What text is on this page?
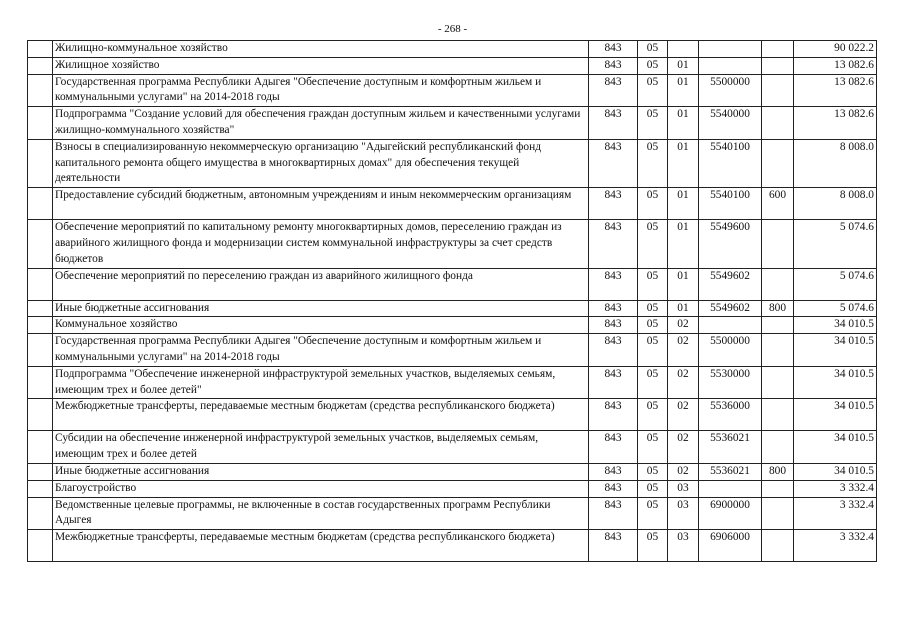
- 268 -
	Жилищно-коммунальное хозяйство	843	05				90 022.2
	Жилищное хозяйство	843	05	01			13 082.6
	Государственная программа Республики Адыгея "Обеспечение доступным и комфортным жильем и коммунальными услугами" на 2014-2018 годы	843	05	01	5500000		13 082.6
	Подпрограмма "Создание условий для обеспечения граждан доступным жильем и качественными услугами жилищно-коммунального хозяйства"	843	05	01	5540000		13 082.6
	Взносы в специализированную некоммерческую организацию "Адыгейский республиканский фонд капитального ремонта общего имущества в многоквартирных домах" для обеспечения текущей деятельности	843	05	01	5540100		8 008.0
	Предоставление субсидий бюджетным, автономным учреждениям и иным некоммерческим организациям	843	05	01	5540100	600	8 008.0
	Обеспечение мероприятий по капитальному ремонту многоквартирных домов, переселению граждан из аварийного жилищного фонда и модернизации систем коммунальной инфраструктуры за счет средств бюджетов	843	05	01	5549600		5 074.6
	Обеспечение мероприятий по переселению граждан из аварийного жилищного фонда	843	05	01	5549602		5 074.6
	Иные бюджетные ассигнования	843	05	01	5549602	800	5 074.6
	Коммунальное хозяйство	843	05	02			34 010.5
	Государственная программа Республики Адыгея "Обеспечение доступным и комфортным жильем и коммунальными услугами" на 2014-2018 годы	843	05	02	5500000		34 010.5
	Подпрограмма "Обеспечение инженерной инфраструктурой земельных участков, выделяемых семьям, имеющим трех и более детей"	843	05	02	5530000		34 010.5
	Межбюджетные трансферты, передаваемые местным бюджетам (средства республиканского бюджета)	843	05	02	5536000		34 010.5
	Субсидии на обеспечение инженерной инфраструктурой земельных участков, выделяемых семьям, имеющим трех и более детей	843	05	02	5536021		34 010.5
	Иные бюджетные ассигнования	843	05	02	5536021	800	34 010.5
	Благоустройство	843	05	03			3 332.4
	Ведомственные целевые программы, не включенные в состав государственных программ Республики Адыгея	843	05	03	6900000		3 332.4
	Межбюджетные трансферты, передаваемые местным бюджетам (средства республиканского бюджета)	843	05	03	6906000		3 332.4
